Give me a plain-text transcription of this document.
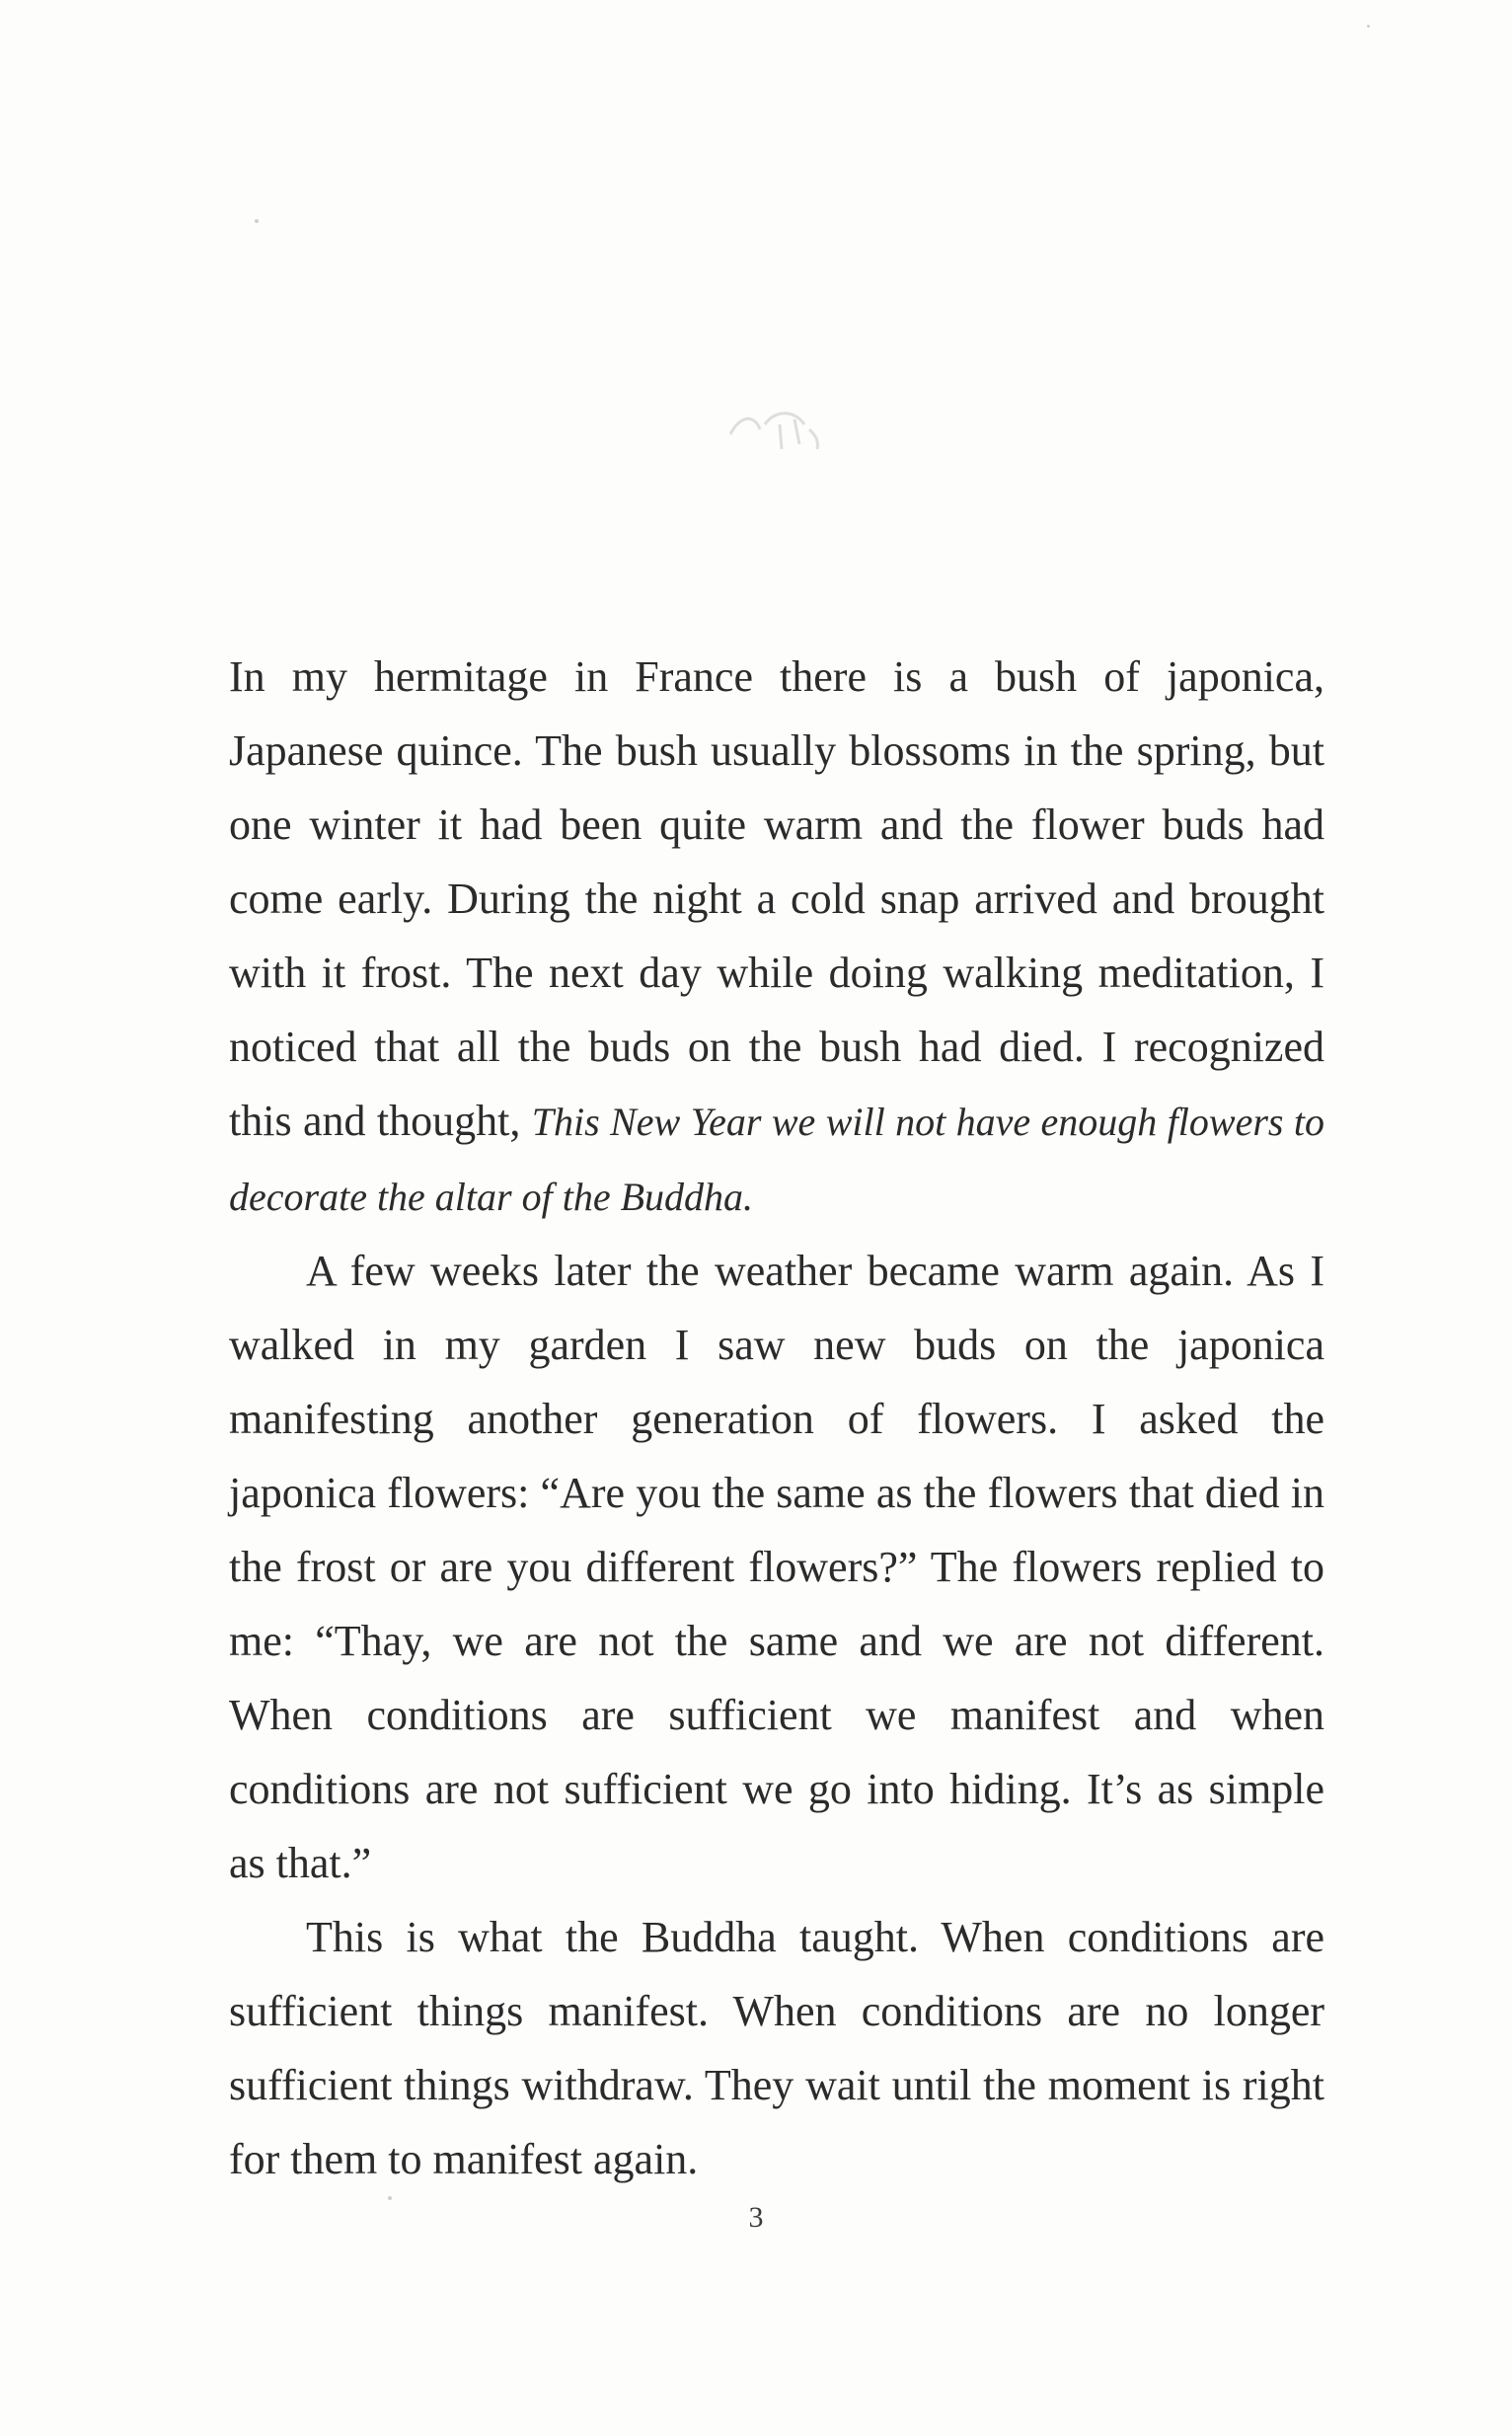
In my hermitage in France there is a bush of japonica, Japanese quince. The bush usually blossoms in the spring, but one winter it had been quite warm and the flower buds had come early. During the night a cold snap arrived and brought with it frost. The next day while doing walking meditation, I noticed that all the buds on the bush had died. I recognized this and thought, This New Year we will not have enough flowers to decorate the altar of the Buddha.

A few weeks later the weather became warm again. As I walked in my garden I saw new buds on the japonica manifesting another generation of flowers. I asked the japonica flowers: “Are you the same as the flowers that died in the frost or are you different flowers?” The flowers replied to me: “Thay, we are not the same and we are not different. When conditions are sufficient we manifest and when conditions are not sufficient we go into hiding. It’s as simple as that.”

This is what the Buddha taught. When conditions are sufficient things manifest. When conditions are no longer sufficient things withdraw. They wait until the moment is right for them to manifest again.

3
